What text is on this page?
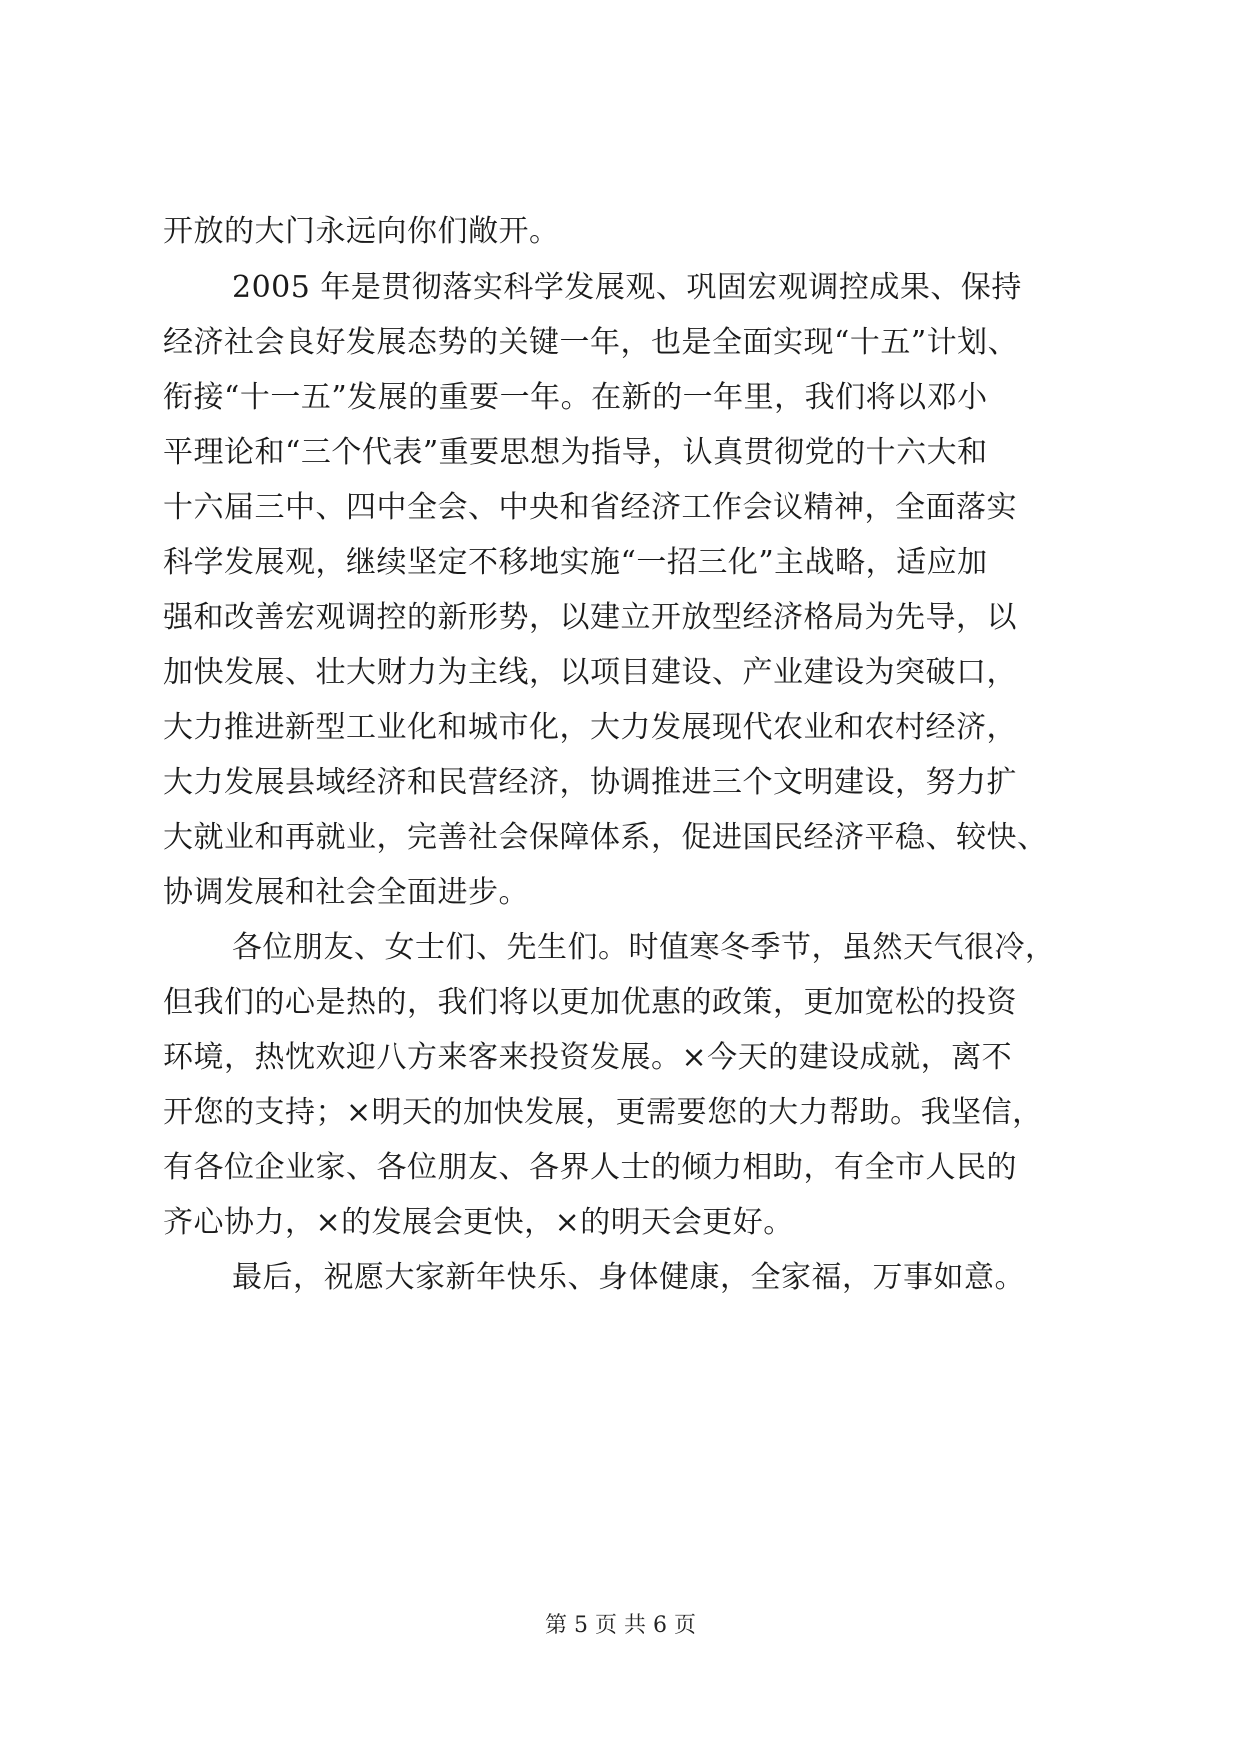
开放的大门永远向你们敞开。
2005 年是贯彻落实科学发展观、巩固宏观调控成果、保持
经济社会良好发展态势的关键一年，也是全面实现“十五”计划、
衔接“十一五”发展的重要一年。在新的一年里，我们将以邓小
平理论和“三个代表”重要思想为指导，认真贯彻党的十六大和
十六届三中、四中全会、中央和省经济工作会议精神，全面落实
科学发展观，继续坚定不移地实施“一招三化”主战略，适应加
强和改善宏观调控的新形势，以建立开放型经济格局为先导，以
加快发展、壮大财力为主线，以项目建设、产业建设为突破口，
大力推进新型工业化和城市化，大力发展现代农业和农村经济，
大力发展县域经济和民营经济，协调推进三个文明建设，努力扩
大就业和再就业，完善社会保障体系，促进国民经济平稳、较快、
协调发展和社会全面进步。
各位朋友、女士们、先生们。时值寒冬季节，虽然天气很冷，
但我们的心是热的，我们将以更加优惠的政策，更加宽松的投资
环境，热忱欢迎八方来客来投资发展。×今天的建设成就，离不
开您的支持；×明天的加快发展，更需要您的大力帮助。我坚信，
有各位企业家、各位朋友、各界人士的倾力相助，有全市人民的
齐心协力，×的发展会更快，×的明天会更好。
最后，祝愿大家新年快乐、身体健康，全家福，万事如意。
第 5 页 共 6 页
